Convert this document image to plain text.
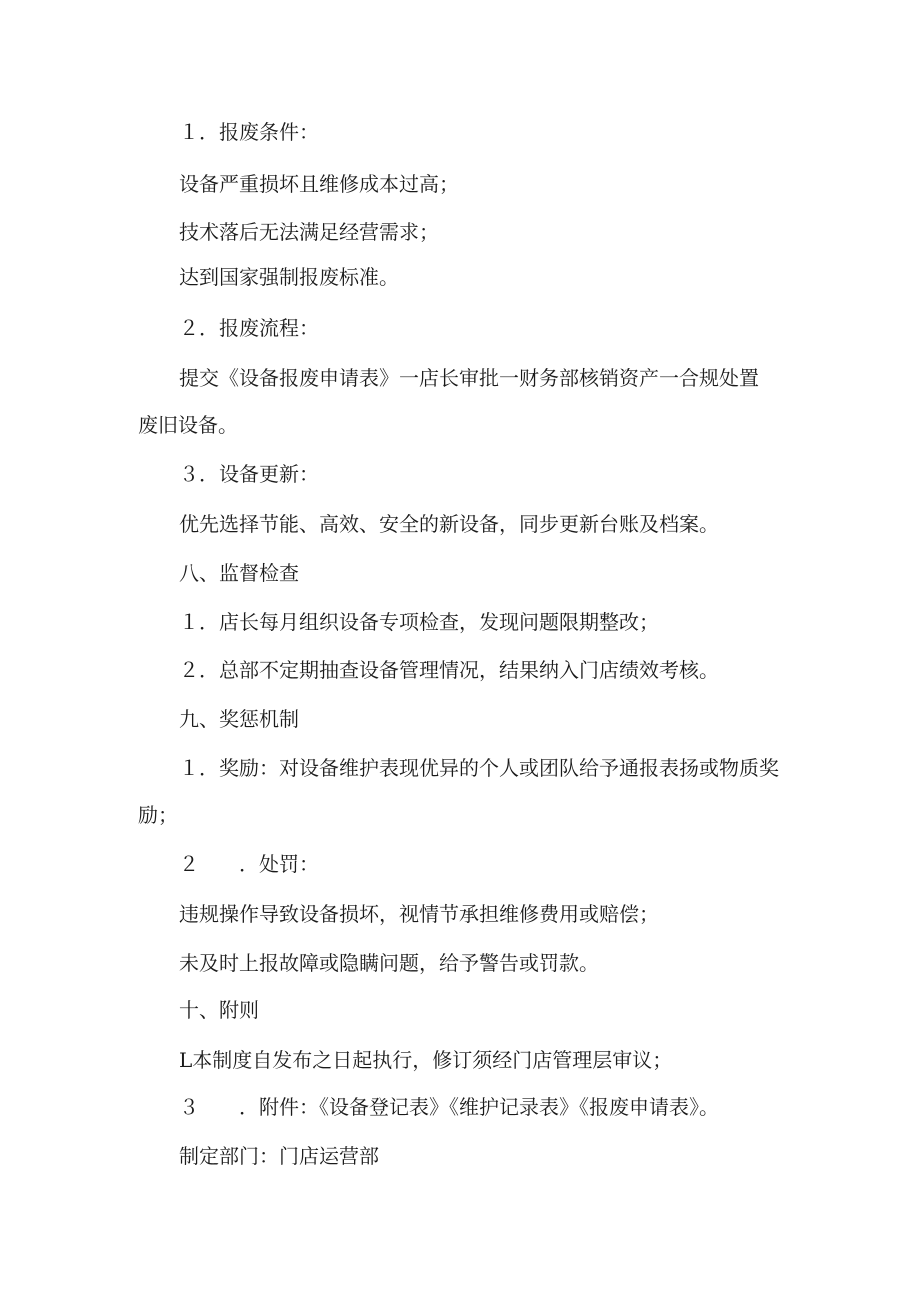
１．报废条件：
设备严重损坏且维修成本过高；
技术落后无法满足经营需求；
达到国家强制报废标准。
２．报废流程：
提交《设备报废申请表》一店长审批一财务部核销资产一合规处置
废旧设备。
３．设备更新：
优先选择节能、高效、安全的新设备，同步更新台账及档案。
八、监督检查
１．店长每月组织设备专项检查，发现问题限期整改；
２．总部不定期抽查设备管理情况，结果纳入门店绩效考核。
九、奖惩机制
１．奖励：对设备维护表现优异的个人或团队给予通报表扬或物质奖
励；
２　　．处罚：
违规操作导致设备损坏，视情节承担维修费用或赔偿；
未及时上报故障或隐瞒问题，给予警告或罚款。
十、附则
L本制度自发布之日起执行，修订须经门店管理层审议；
３　　．附件：《设备登记表》《维护记录表》《报废申请表》。
制定部门：门店运营部
